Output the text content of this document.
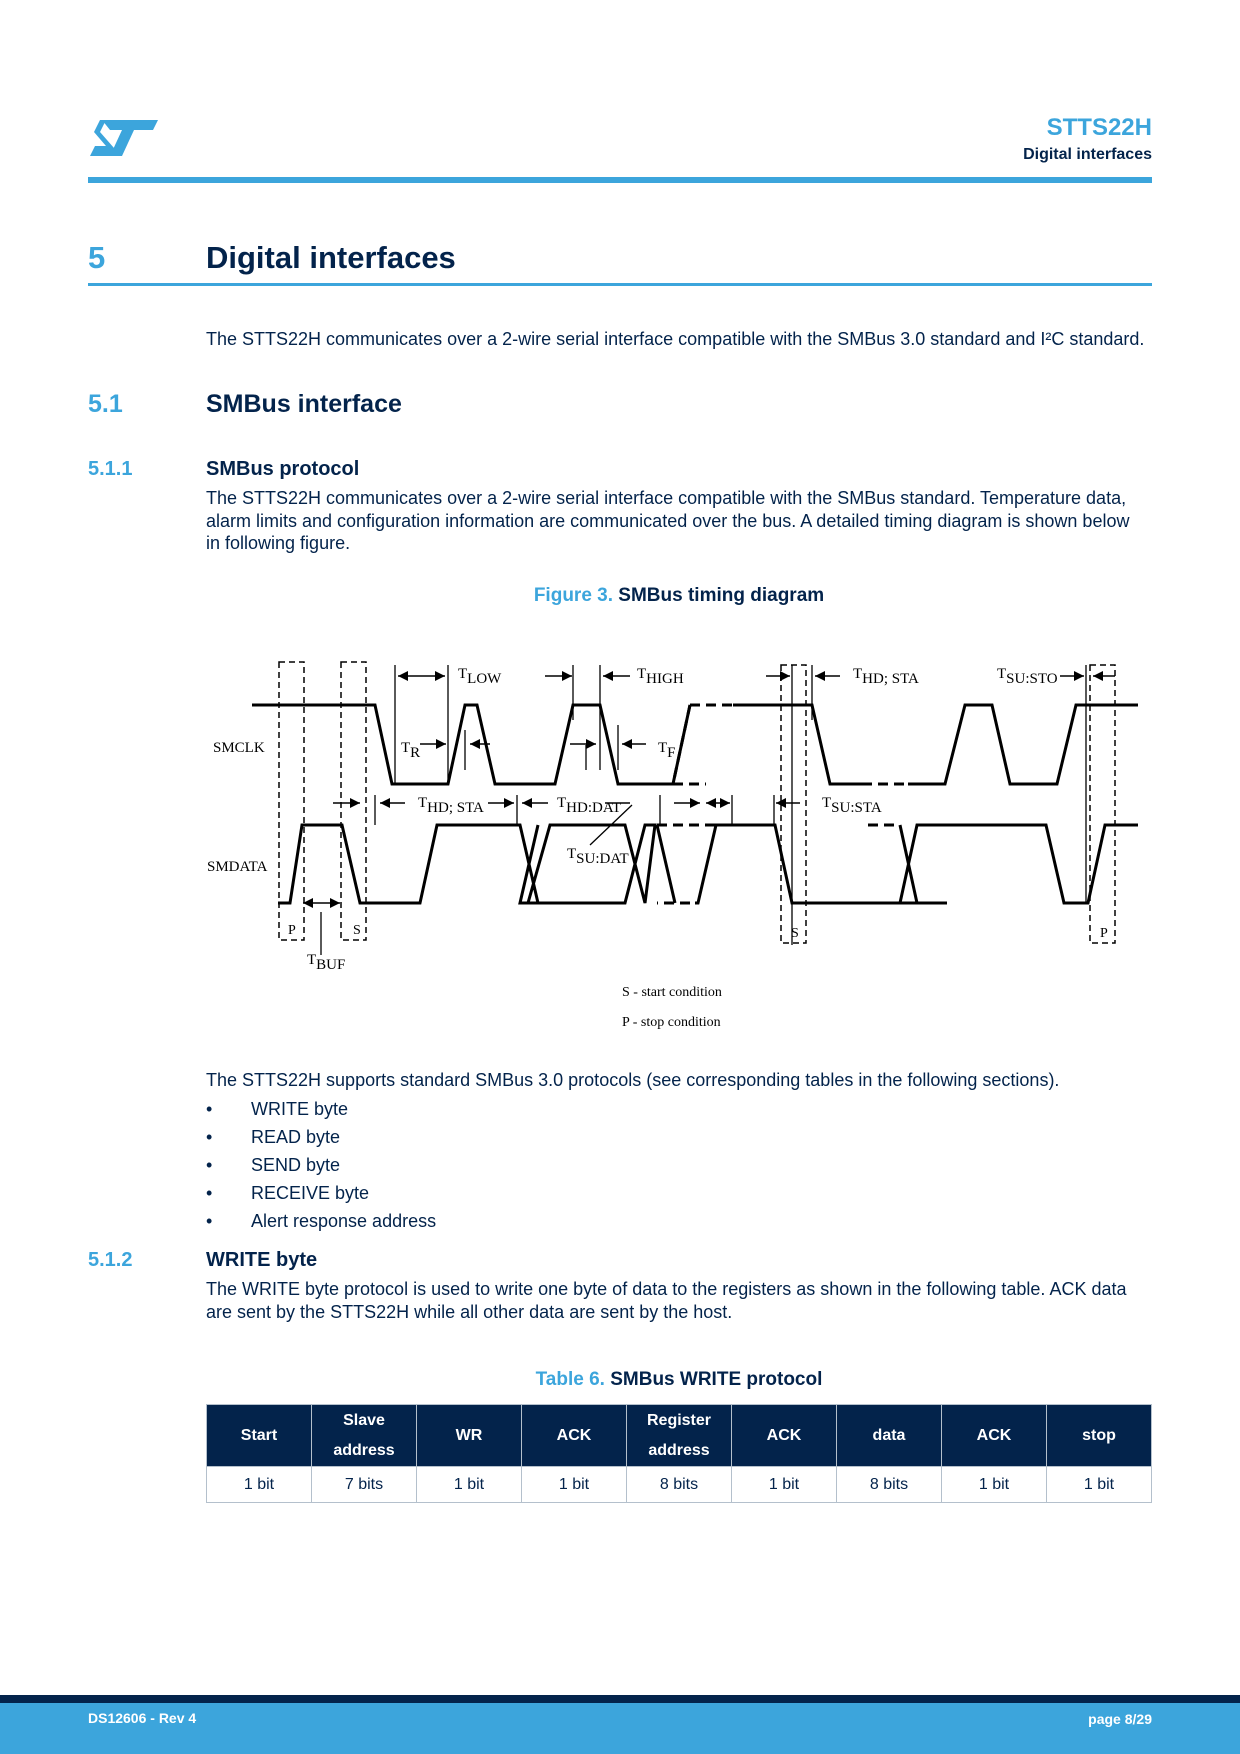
STTS22H
Digital interfaces
5	Digital interfaces
The STTS22H communicates over a 2-wire serial interface compatible with the SMBus 3.0 standard and I²C standard.
5.1	SMBus interface
5.1.1	SMBus protocol
The STTS22H communicates over a 2-wire serial interface compatible with the SMBus standard. Temperature data, alarm limits and configuration information are communicated over the bus. A detailed timing diagram is shown below in following figure.
Figure 3. SMBus timing diagram
SMCLK
SMDATA
TLOW	THIGH	THD; STA	TSU:STO
TR	TF
THD; STA	THD:DAT	TSU:STA
TSU:DAT
TBUF
P	S	S	P
S - start condition
P - stop condition
The STTS22H supports standard SMBus 3.0 protocols (see corresponding tables in the following sections).
• WRITE byte
• READ byte
• SEND byte
• RECEIVE byte
• Alert response address
5.1.2	WRITE byte
The WRITE byte protocol is used to write one byte of data to the registers as shown in the following table. ACK data are sent by the STTS22H while all other data are sent by the host.
Table 6. SMBus WRITE protocol
Start	Slave address	WR	ACK	Register address	ACK	data	ACK	stop
1 bit	7 bits	1 bit	1 bit	8 bits	1 bit	8 bits	1 bit	1 bit
DS12606 - Rev 4	page 8/29
